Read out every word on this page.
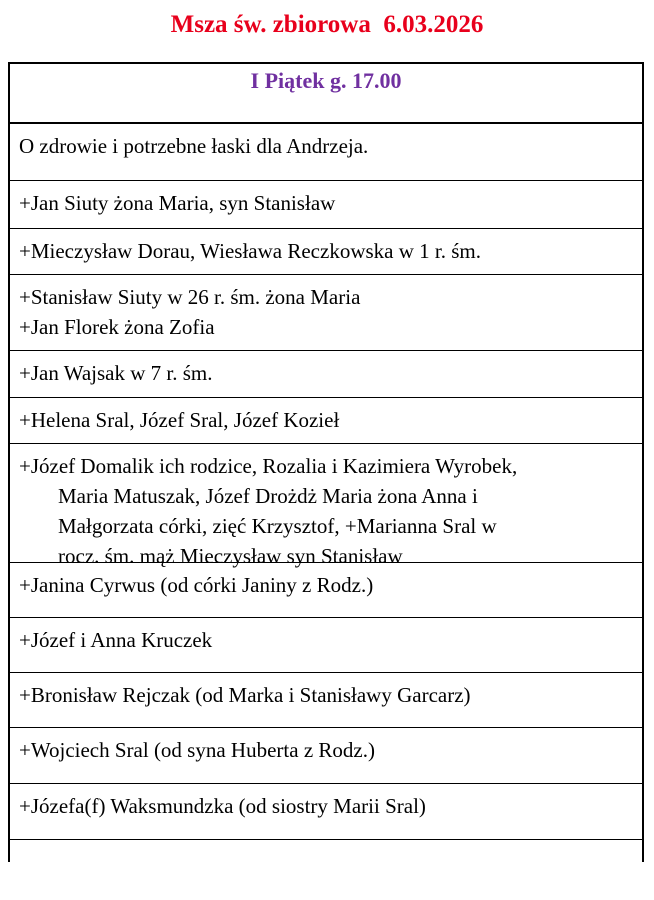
Msza św. zbiorowa  6.03.2026
I Piątek g. 17.00
O zdrowie i potrzebne łaski dla Andrzeja.
+Jan Siuty żona Maria, syn Stanisław
+Mieczysław Dorau, Wiesława Reczkowska w 1 r. śm.
+Stanisław Siuty w 26 r. śm. żona Maria
+Jan Florek żona Zofia
+Jan Wajsak w 7 r. śm.
+Helena Sral, Józef Sral, Józef Kozieł
+Józef Domalik ich rodzice, Rozalia i Kazimiera Wyrobek,
Maria Matuszak, Józef Drożdż Maria żona Anna i
Małgorzata córki, zięć Krzysztof, +Marianna Sral w
rocz. śm. mąż Mieczysław syn Stanisław
+Janina Cyrwus (od córki Janiny z Rodz.)
+Józef i Anna Kruczek
+Bronisław Rejczak (od Marka i Stanisławy Garcarz)
+Wojciech Sral (od syna Huberta z Rodz.)
+Józefa(f) Waksmundzka (od siostry Marii Sral)
